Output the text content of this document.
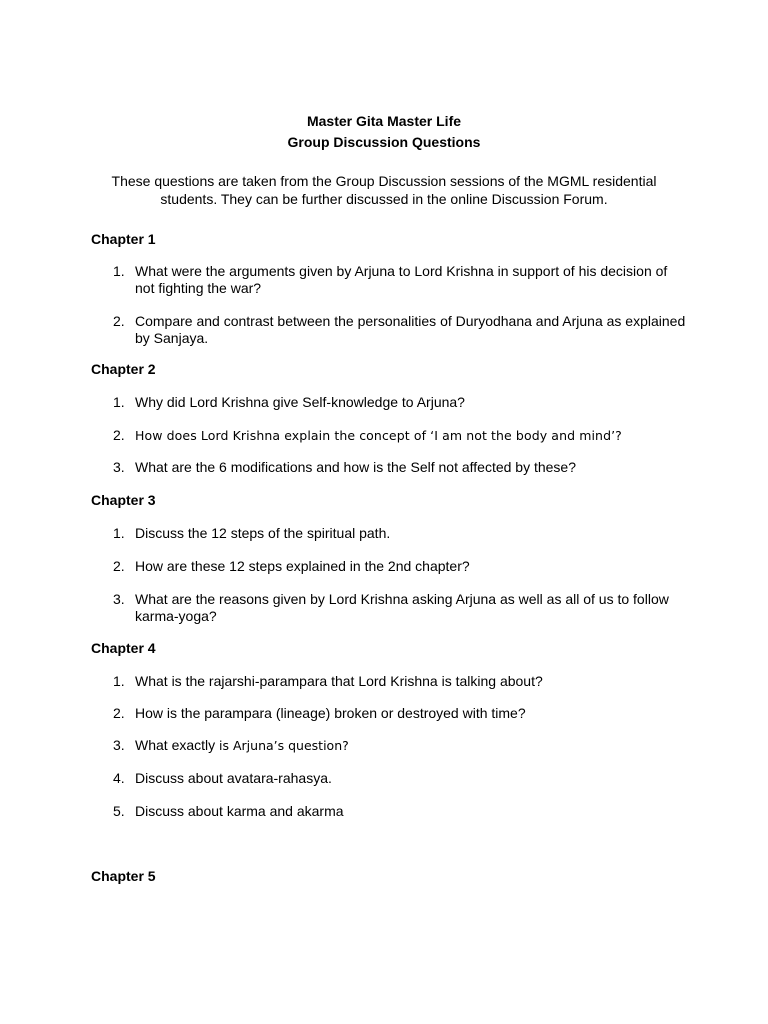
Master Gita Master Life
Group Discussion Questions
These questions are taken from the Group Discussion sessions of the MGML residential students. They can be further discussed in the online Discussion Forum.
Chapter 1
1. What were the arguments given by Arjuna to Lord Krishna in support of his decision of not fighting the war?
2. Compare and contrast between the personalities of Duryodhana and Arjuna as explained by Sanjaya.
Chapter 2
1. Why did Lord Krishna give Self-knowledge to Arjuna?
2. How does Lord Krishna explain the concept of ‘I am not the body and mind’?
3. What are the 6 modifications and how is the Self not affected by these?
Chapter 3
1. Discuss the 12 steps of the spiritual path.
2. How are these 12 steps explained in the 2nd chapter?
3. What are the reasons given by Lord Krishna asking Arjuna as well as all of us to follow karma-yoga?
Chapter 4
1. What is the rajarshi-parampara that Lord Krishna is talking about?
2. How is the parampara (lineage) broken or destroyed with time?
3. What exactly is Arjuna’s question?
4. Discuss about avatara-rahasya.
5. Discuss about karma and akarma
Chapter 5
